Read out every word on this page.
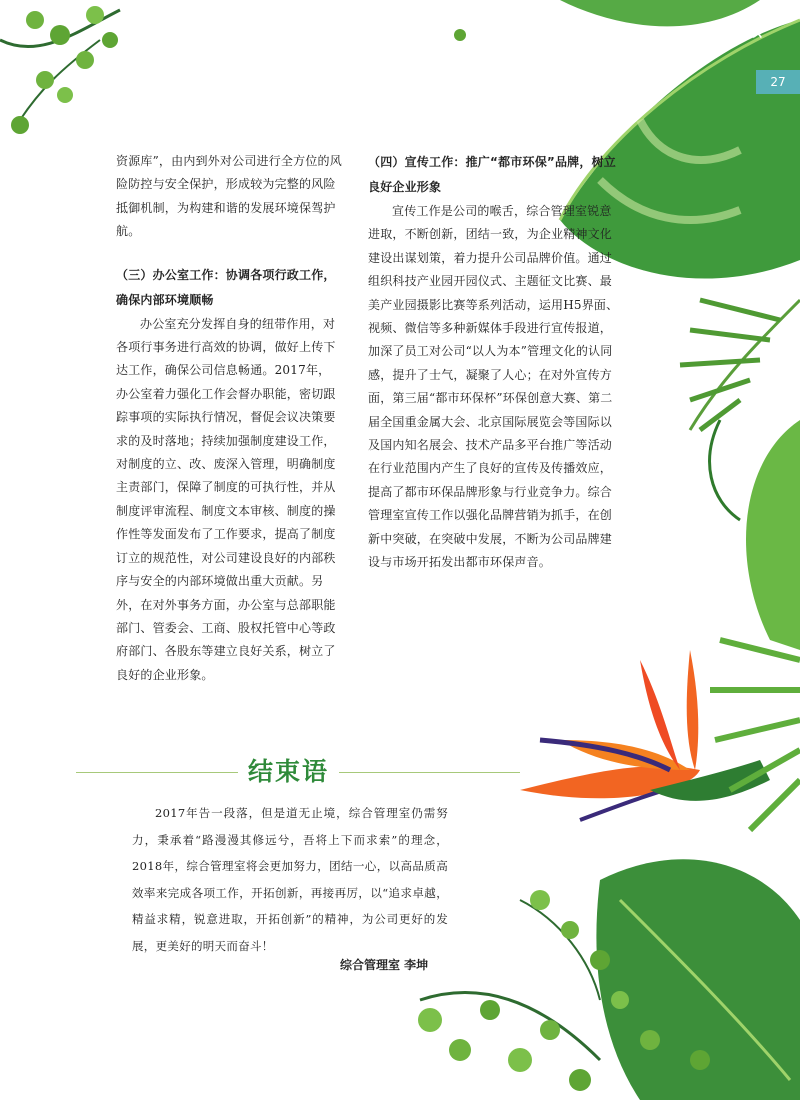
回顾
27

资源库”，由内到外对公司进行全方位的风险防控与安全保护，形成较为完整的风险抵御机制，为构建和谐的发展环境保驾护航。

（三）办公室工作：协调各项行政工作，确保内部环境顺畅

办公室充分发挥自身的纽带作用，对各项行事务进行高效的协调，做好上传下达工作，确保公司信息畅通。2017年，办公室着力强化工作会督办职能，密切跟踪事项的实际执行情况，督促会议决策要求的及时落地；持续加强制度建设工作，对制度的立、改、废深入管理，明确制度主责部门，保障了制度的可执行性，并从制度评审流程、制度文本审核、制度的操作性等发面发布了工作要求，提高了制度订立的规范性，对公司建设良好的内部秩序与安全的内部环境做出重大贡献。另外，在对外事务方面，办公室与总部职能部门、管委会、工商、股权托管中心等政府部门、各股东等建立良好关系，树立了良好的企业形象。

（四）宣传工作：推广“都市环保”品牌，树立良好企业形象

宣传工作是公司的喉舌，综合管理室锐意进取，不断创新，团结一致，为企业精神文化建设出谋划策，着力提升公司品牌价值。通过组织科技产业园开园仪式、主题征文比赛、最美产业园摄影比赛等系列活动，运用H5界面、视频、微信等多种新媒体手段进行宣传报道，加深了员工对公司“以人为本”管理文化的认同感，提升了士气，凝聚了人心；在对外宣传方面，第三届“都市环保杯”环保创意大赛、第二届全国重金属大会、北京国际展览会等国际以及国内知名展会、技术产品多平台推广等活动在行业范围内产生了良好的宣传及传播效应，提高了都市环保品牌形象与行业竞争力。综合管理室宣传工作以强化品牌营销为抓手，在创新中突破，在突破中发展，不断为公司品牌建设与市场开拓发出都市环保声音。

结束语

2017年告一段落，但是道无止境，综合管理室仍需努力，秉承着“路漫漫其修远兮，吾将上下而求索”的理念，2018年，综合管理室将会更加努力，团结一心，以高品质高效率来完成各项工作，开拓创新，再接再厉，以“追求卓越，精益求精，锐意进取，开拓创新”的精神，为公司更好的发展，更美好的明天而奋斗！

综合管理室 李坤
